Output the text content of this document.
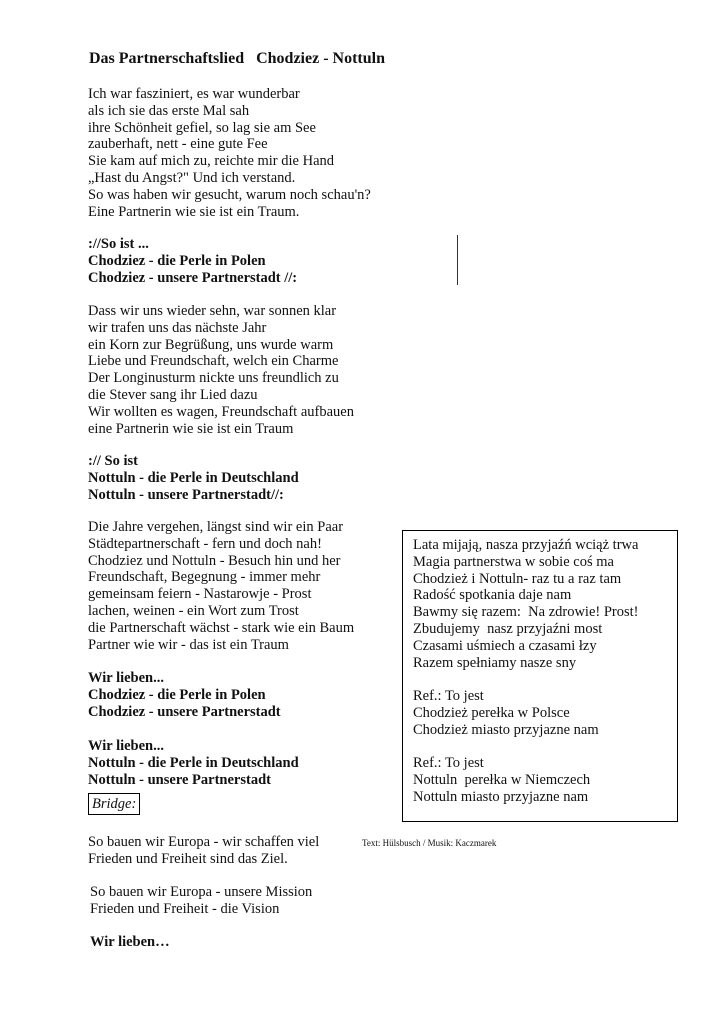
Das Partnerschaftslied   Chodziez - Nottuln
Ich war fasziniert, es war wunderbar
als ich sie das erste Mal sah
ihre Schönheit gefiel, so lag sie am See
zauberhaft, nett - eine gute Fee
Sie kam auf mich zu, reichte mir die Hand
„Hast du Angst?" Und ich verstand.
So was haben wir gesucht, warum noch schau'n?
Eine Partnerin wie sie ist ein Traum.
://So ist ...
Chodziez - die Perle in Polen
Chodziez - unsere Partnerstadt //:
Dass wir uns wieder sehn, war sonnen klar
wir trafen uns das nächste Jahr
ein Korn zur Begrüßung, uns wurde warm
Liebe und Freundschaft, welch ein Charme
Der Longinusturm nickte uns freundlich zu
die Stever sang ihr Lied dazu
Wir wollten es wagen, Freundschaft aufbauen
eine Partnerin wie sie ist ein Traum
:// So ist
Nottuln - die Perle in Deutschland
Nottuln - unsere Partnerstadt//:
Die Jahre vergehen, längst sind wir ein Paar
Städtepartnerschaft - fern und doch nah!
Chodziez und Nottuln - Besuch hin und her
Freundschaft, Begegnung - immer mehr
gemeinsam feiern - Nastarowje - Prost
lachen, weinen - ein Wort zum Trost
die Partnerschaft wächst - stark wie ein Baum
Partner wie wir - das ist ein Traum
Wir lieben...
Chodziez - die Perle in Polen
Chodziez - unsere Partnerstadt
Wir lieben...
Nottuln - die Perle in Deutschland
Nottuln - unsere Partnerstadt
Bridge:
So bauen wir Europa - wir schaffen viel
Frieden und Freiheit sind das Ziel.
Text: Hülsbusch / Musik: Kaczmarek
So bauen wir Europa - unsere Mission
Frieden und Freiheit - die Vision
Wir lieben…
Lata mijają, nasza przyjaźń wciąż trwa
Magia partnerstwa w sobie coś ma
Chodzież i Nottuln- raz tu a raz tam
Radość spotkania daje nam
Bawmy się razem:  Na zdrowie! Prost!
Zbudujemy  nasz przyjaźni most
Czasami uśmiech a czasami łzy
Razem spełniamy nasze sny
Ref.: To jest
Chodzież perełka w Polsce
Chodzież miasto przyjazne nam
Ref.: To jest
Nottuln  perełka w Niemczech
Nottuln miasto przyjazne nam
